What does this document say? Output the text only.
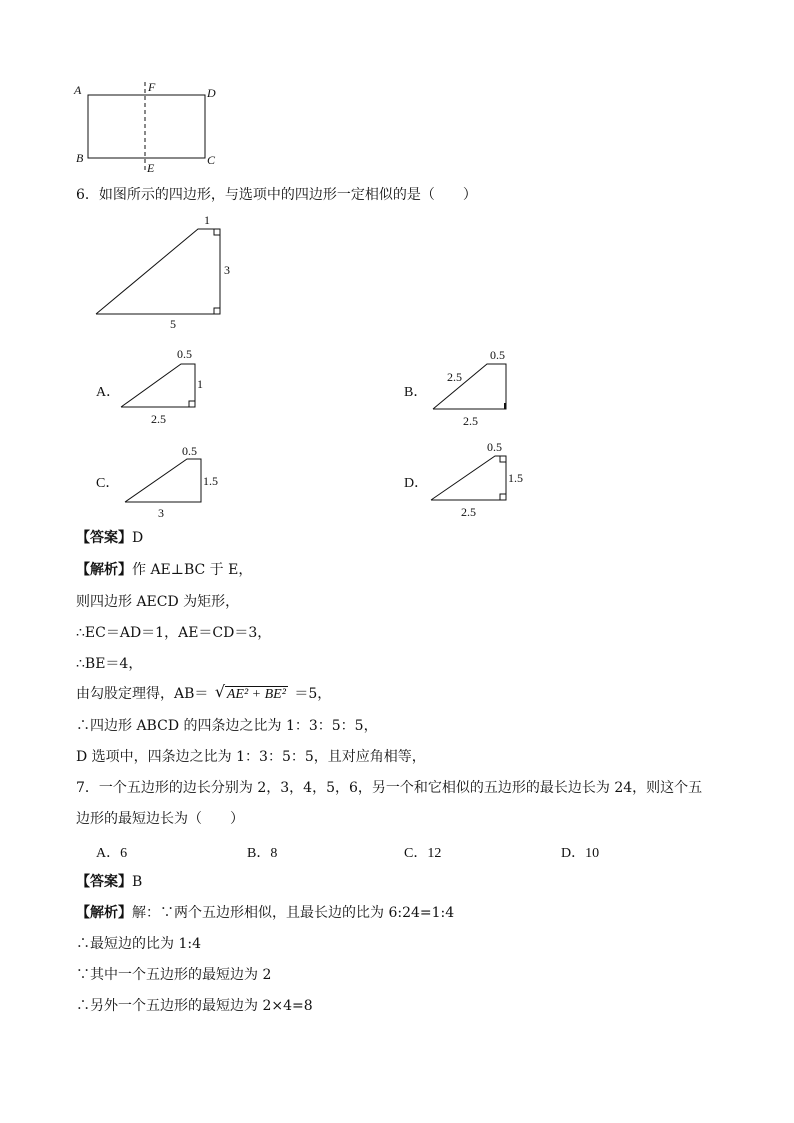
A	F	D
B
E
C
6．如图所示的四边形，与选项中的四边形一定相似的是（　　）
1
3
5
A．
0.5
1
2.5
B．
0.5
2.5
2.5
C．
0.5
1.5
3
D．
0.5
1.5
2.5
【答案】D
【解析】作 AE⊥BC 于 E，
则四边形 AECD 为矩形，
∴EC＝AD＝1，AE＝CD＝3，
∴BE＝4，
由勾股定理得，AB＝ √ AE² + BE² ＝5，
∴四边形 ABCD 的四条边之比为 1：3：5：5，
D 选项中，四条边之比为 1：3：5：5，且对应角相等，
7．一个五边形的边长分别为 2，3，4，5，6，另一个和它相似的五边形的最长边长为 24，则这个五
边形的最短边长为（　　）
A．6	B．8	C．12	D．10
【答案】B
【解析】解：∵两个五边形相似，且最长边的比为 6:24=1:4
∴最短边的比为 1:4
∵其中一个五边形的最短边为 2
∴另外一个五边形的最短边为 2×4=8
